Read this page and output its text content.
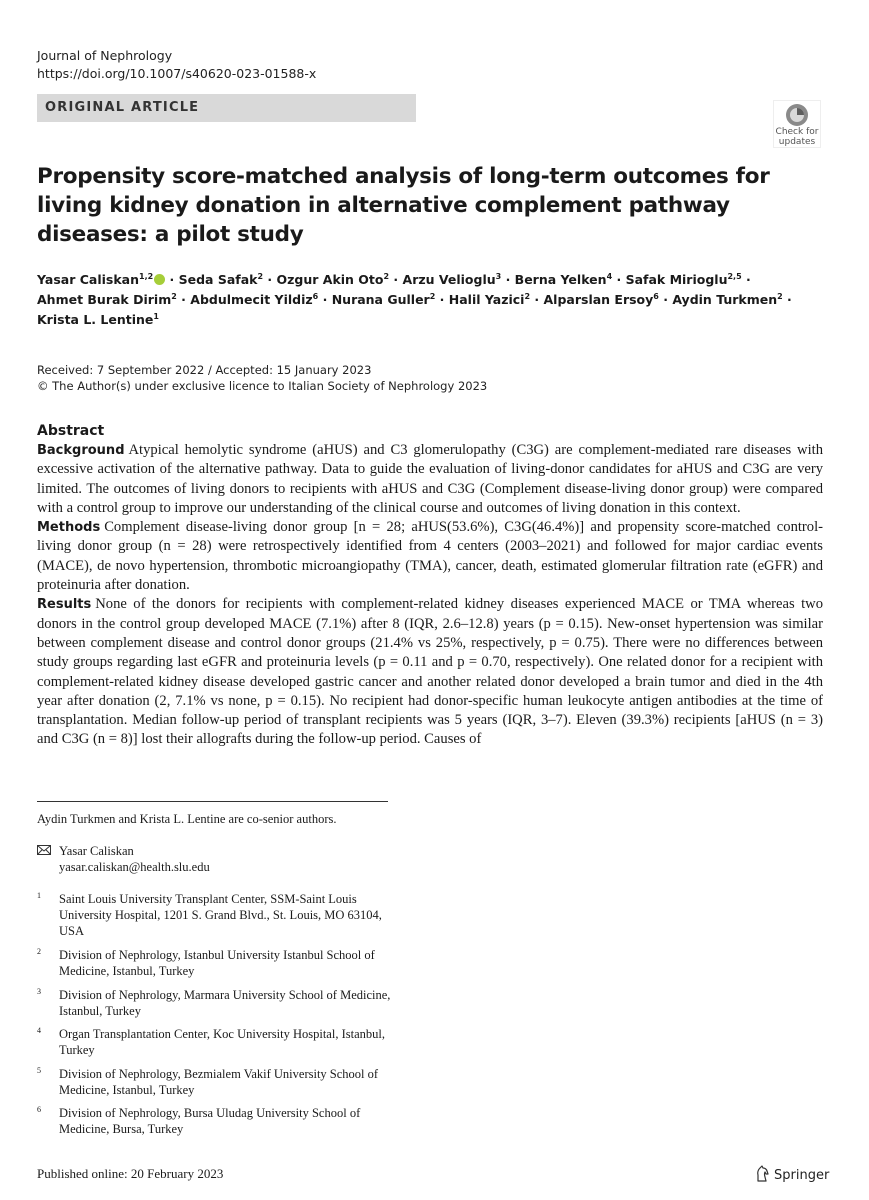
Journal of Nephrology
https://doi.org/10.1007/s40620-023-01588-x
ORIGINAL ARTICLE
Check for
updates
Propensity score-matched analysis of long-term outcomes for living kidney donation in alternative complement pathway diseases: a pilot study
Yasar Caliskan$^{1,2}$ · Seda Safak$^2$ · Ozgur Akin Oto$^2$ · Arzu Velioglu$^3$ · Berna Yelken$^4$ · Safak Mirioglu$^{2,5}$ ·
Ahmet Burak Dirim$^2$ · Abdulmecit Yildiz$^6$ · Nurana Guller$^2$ · Halil Yazici$^2$ · Alparslan Ersoy$^6$ · Aydin Turkmen$^2$ ·
Krista L. Lentine$^1$
Received: 7 September 2022 / Accepted: 15 January 2023
© The Author(s) under exclusive licence to Italian Society of Nephrology 2023
Abstract

Background Atypical hemolytic syndrome (aHUS) and C3 glomerulopathy (C3G) are complement-mediated rare diseases with excessive activation of the alternative pathway. Data to guide the evaluation of living-donor candidates for aHUS and C3G are very limited. The outcomes of living donors to recipients with aHUS and C3G (Complement disease-living donor group) were compared with a control group to improve our understanding of the clinical course and outcomes of living donation in this context.

Methods Complement disease-living donor group [n = 28; aHUS(53.6%), C3G(46.4%)] and propensity score-matched control-living donor group (n = 28) were retrospectively identified from 4 centers (2003–2021) and followed for major cardiac events (MACE), de novo hypertension, thrombotic microangiopathy (TMA), cancer, death, estimated glomerular filtration rate (eGFR) and proteinuria after donation.

Results None of the donors for recipients with complement-related kidney diseases experienced MACE or TMA whereas two donors in the control group developed MACE (7.1%) after 8 (IQR, 2.6–12.8) years (p = 0.15). New-onset hypertension was similar between complement disease and control donor groups (21.4% vs 25%, respectively, p = 0.75). There were no differences between study groups regarding last eGFR and proteinuria levels (p = 0.11 and p = 0.70, respectively). One related donor for a recipient with complement-related kidney disease developed gastric cancer and another related donor developed a brain tumor and died in the 4th year after donation (2, 7.1% vs none, p = 0.15). No recipient had donor-specific human leukocyte antigen antibodies at the time of transplantation. Median follow-up period of transplant recipients was 5 years (IQR, 3–7). Eleven (39.3%) recipients [aHUS (n = 3) and C3G (n = 8)] lost their allografts during the follow-up period. Causes of

Aydin Turkmen and Krista L. Lentine are co-senior authors.
Yasar Caliskan
yasar.caliskan@health.slu.edu
1 Saint Louis University Transplant Center, SSM-Saint Louis University Hospital, 1201 S. Grand Blvd., St. Louis, MO 63104, USA
2 Division of Nephrology, Istanbul University Istanbul School of Medicine, Istanbul, Turkey
3 Division of Nephrology, Marmara University School of Medicine, Istanbul, Turkey
4 Organ Transplantation Center, Koc University Hospital, Istanbul, Turkey
5 Division of Nephrology, Bezmialem Vakif University School of Medicine, Istanbul, Turkey
6 Division of Nephrology, Bursa Uludag University School of Medicine, Bursa, Turkey
Published online: 20 February 2023	Springer
